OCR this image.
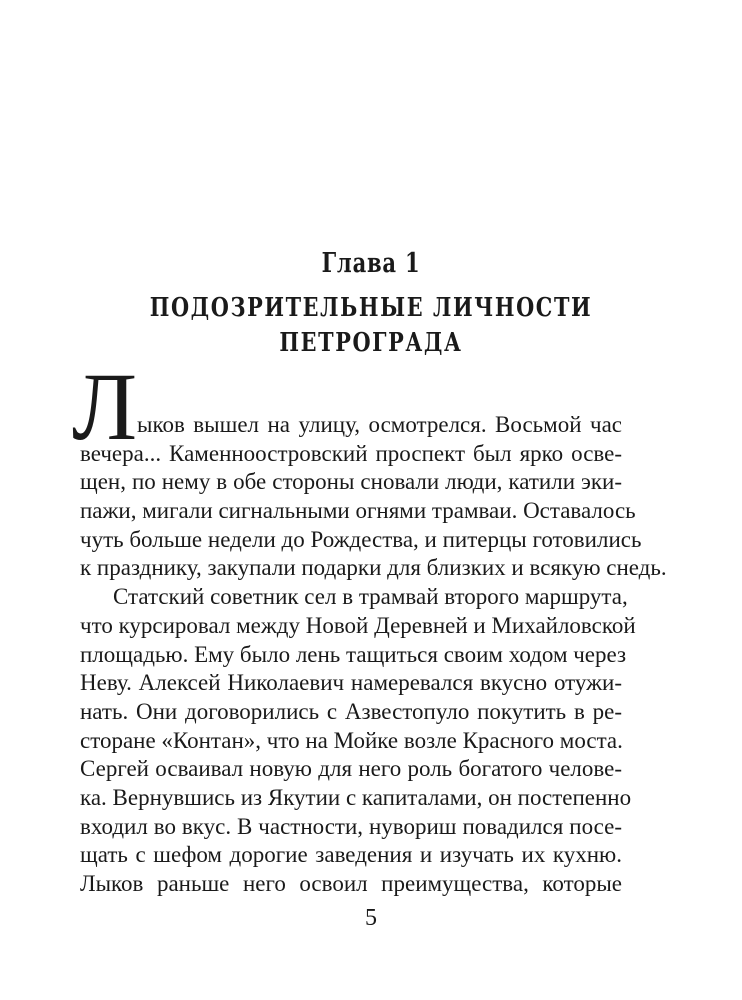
Глава 1
ПОДОЗРИТЕЛЬНЫЕ ЛИЧНОСТИ
ПЕТРОГРАДА
Л ыков вышел на улицу, осмотрелся. Восьмой час
вечера... Каменноостровский проспект был ярко осве-
щен, по нему в обе стороны сновали люди, катили эки-
пажи, мигали сигнальными огнями трамваи. Оставалось
чуть больше недели до Рождества, и питерцы готовились
к празднику, закупали подарки для близких и всякую снедь.
Статский советник сел в трамвай второго маршрута,
что курсировал между Новой Деревней и Михайловской
площадью. Ему было лень тащиться своим ходом через
Неву. Алексей Николаевич намеревался вкусно отужи-
нать. Они договорились с Азвестопуло покутить в ре-
сторане «Контан», что на Мойке возле Красного моста.
Сергей осваивал новую для него роль богатого челове-
ка. Вернувшись из Якутии с капиталами, он постепенно
5
входил во вкус. В частности, нувориш повадился посе-
щать с шефом дорогие заведения и изучать их кухню.
Лыков раньше него освоил преимущества, которые
